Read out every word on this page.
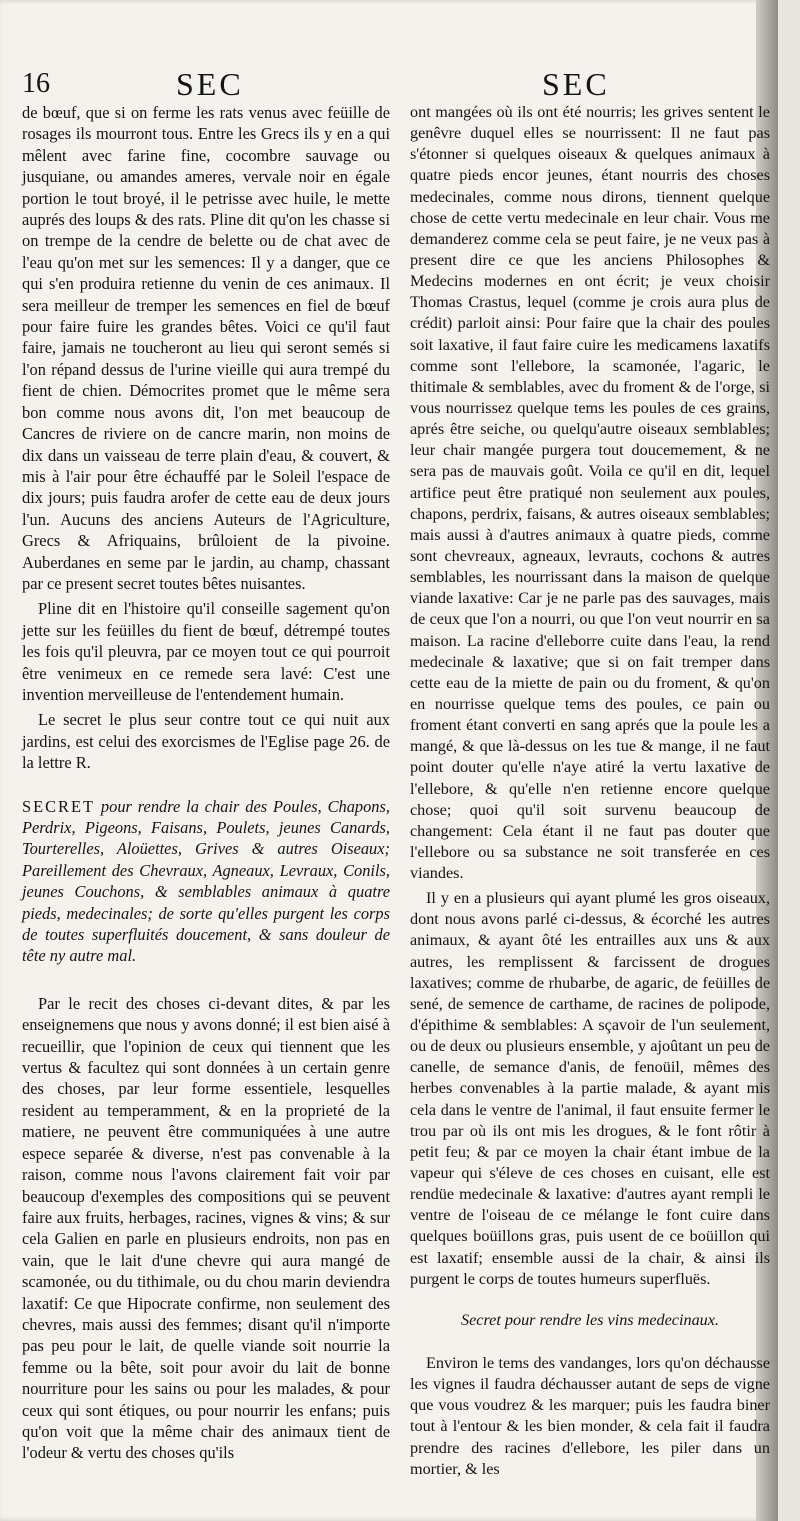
16	SEC	SEC

de bœuf, que si on ferme les rats venus avec feüille de rosages ils mourront tous. Entre les Grecs ils y en a qui mêlent avec farine fine, cocombre sauvage ou jusquiane, ou amandes ameres, vervale noir en égale portion le tout broyé, il le petrisse avec huile, le mette auprés des loups & des rats. Pline dit qu'on les chasse si on trempe de la cendre de belette ou de chat avec de l'eau qu'on met sur les semences: Il y a danger, que ce qui s'en produira retienne du venin de ces animaux. Il sera meilleur de tremper les semences en fiel de bœuf pour faire fuire les grandes bêtes. Voici ce qu'il faut faire, jamais ne toucheront au lieu qui seront semés si l'on répand dessus de l'urine vieille qui aura trempé du fient de chien. Démocrites promet que le même sera bon comme nous avons dit, l'on met beaucoup de Cancres de riviere on de cancre marin, non moins de dix dans un vaisseau de terre plain d'eau, & couvert, & mis à l'air pour être échauffé par le Soleil l'espace de dix jours; puis faudra arofer de cette eau de deux jours l'un. Aucuns des anciens Auteurs de l'Agriculture, Grecs & Afriquains, brûloient de la pivoine. Auberdanes en seme par le jardin, au champ, chassant par ce present secret toutes bêtes nuisantes.

Pline dit en l'histoire qu'il conseille sagement qu'on jette sur les feüilles du fient de bœuf, détrempé toutes les fois qu'il pleuvra, par ce moyen tout ce qui pourroit être venimeux en ce remede sera lavé: C'est une invention merveilleuse de l'entendement humain.

Le secret le plus seur contre tout ce qui nuit aux jardins, est celui des exorcismes de l'Eglise page 26. de la lettre R.

SECRET pour rendre la chair des Poules, Chapons, Perdrix, Pigeons, Faisans, Poulets, jeunes Canards, Tourterelles, Aloüettes, Grives & autres Oiseaux; Pareillement des Chevraux, Agneaux, Levraux, Conils, jeunes Couchons, & semblables animaux à quatre pieds, medecinales; de sorte qu'elles purgent les corps de toutes superfluités doucement, & sans douleur de tête ny autre mal.

Par le recit des choses ci-devant dites, & par les enseignemens que nous y avons donné; il est bien aisé à recueillir, que l'opinion de ceux qui tiennent que les vertus & facultez qui sont données à un certain genre des choses, par leur forme essentiele, lesquelles resident au temperamment, & en la proprieté de la matiere, ne peuvent être communiquées à une autre espece separée & diverse, n'est pas convenable à la raison, comme nous l'avons clairement fait voir par beaucoup d'exemples des compositions qui se peuvent faire aux fruits, herbages, racines, vignes & vins; & sur cela Galien en parle en plusieurs endroits, non pas en vain, que le lait d'une chevre qui aura mangé de scamonée, ou du tithimale, ou du chou marin deviendra laxatif: Ce que Hipocrate confirme, non seulement des chevres, mais aussi des femmes; disant qu'il n'importe pas peu pour le lait, de quelle viande soit nourrie la femme ou la bête, soit pour avoir du lait de bonne nourriture pour les sains ou pour les malades, & pour ceux qui sont étiques, ou pour nourrir les enfans; puis qu'on voit que la même chair des animaux tient de l'odeur & vertu des choses qu'ils

ont mangées où ils ont été nourris; les grives sentent le genêvre duquel elles se nourrissent: Il ne faut pas s'étonner si quelques oiseaux & quelques animaux à quatre pieds encor jeunes, étant nourris des choses medecinales, comme nous dirons, tiennent quelque chose de cette vertu medecinale en leur chair. Vous me demanderez comme cela se peut faire, je ne veux pas à present dire ce que les anciens Philosophes & Medecins modernes en ont écrit; je veux choisir Thomas Crastus, lequel (comme je crois aura plus de crédit) parloit ainsi: Pour faire que la chair des poules soit laxative, il faut faire cuire les medicamens laxatifs comme sont l'ellebore, la scamonée, l'agaric, le thitimale & semblables, avec du froment & de l'orge, si vous nourrissez quelque tems les poules de ces grains, aprés être seiche, ou quelqu'autre oiseaux semblables; leur chair mangée purgera tout doucemement, & ne sera pas de mauvais goût. Voila ce qu'il en dit, lequel artifice peut être pratiqué non seulement aux poules, chapons, perdrix, faisans, & autres oiseaux semblables; mais aussi à d'autres animaux à quatre pieds, comme sont chevreaux, agneaux, levrauts, cochons & autres semblables, les nourrissant dans la maison de quelque viande laxative: Car je ne parle pas des sauvages, mais de ceux que l'on a nourri, ou que l'on veut nourrir en sa maison. La racine d'elleborre cuite dans l'eau, la rend medecinale & laxative; que si on fait tremper dans cette eau de la miette de pain ou du froment, & qu'on en nourrisse quelque tems des poules, ce pain ou froment étant converti en sang aprés que la poule les a mangé, & que là-dessus on les tue & mange, il ne faut point douter qu'elle n'aye atiré la vertu laxative de l'ellebore, & qu'elle n'en retienne encore quelque chose; quoi qu'il soit survenu beaucoup de changement: Cela étant il ne faut pas douter que l'ellebore ou sa substance ne soit transferée en ces viandes.

Il y en a plusieurs qui ayant plumé les gros oiseaux, dont nous avons parlé ci-dessus, & écorché les autres animaux, & ayant ôté les entrailles aux uns & aux autres, les remplissent & farcissent de drogues laxatives; comme de rhubarbe, de agaric, de feüilles de sené, de semence de carthame, de racines de polipode, d'épithime & semblables: A sçavoir de l'un seulement, ou de deux ou plusieurs ensemble, y ajoûtant un peu de canelle, de semance d'anis, de fenoüil, mêmes des herbes convenables à la partie malade, & ayant mis cela dans le ventre de l'animal, il faut ensuite fermer le trou par où ils ont mis les drogues, & le font rôtir à petit feu; & par ce moyen la chair étant imbue de la vapeur qui s'éleve de ces choses en cuisant, elle est rendüe medecinale & laxative: d'autres ayant rempli le ventre de l'oiseau de ce mélange le font cuire dans quelques boüillons gras, puis usent de ce boüillon qui est laxatif; ensemble aussi de la chair, & ainsi ils purgent le corps de toutes humeurs superfluës.

Secret pour rendre les vins medecinaux.

Environ le tems des vandanges, lors qu'on déchausse les vignes il faudra déchausser autant de seps de vigne que vous voudrez & les marquer; puis les faudra biner tout à l'entour & les bien monder, & cela fait il faudra prendre des racines d'ellebore, les piler dans un mortier, & les
